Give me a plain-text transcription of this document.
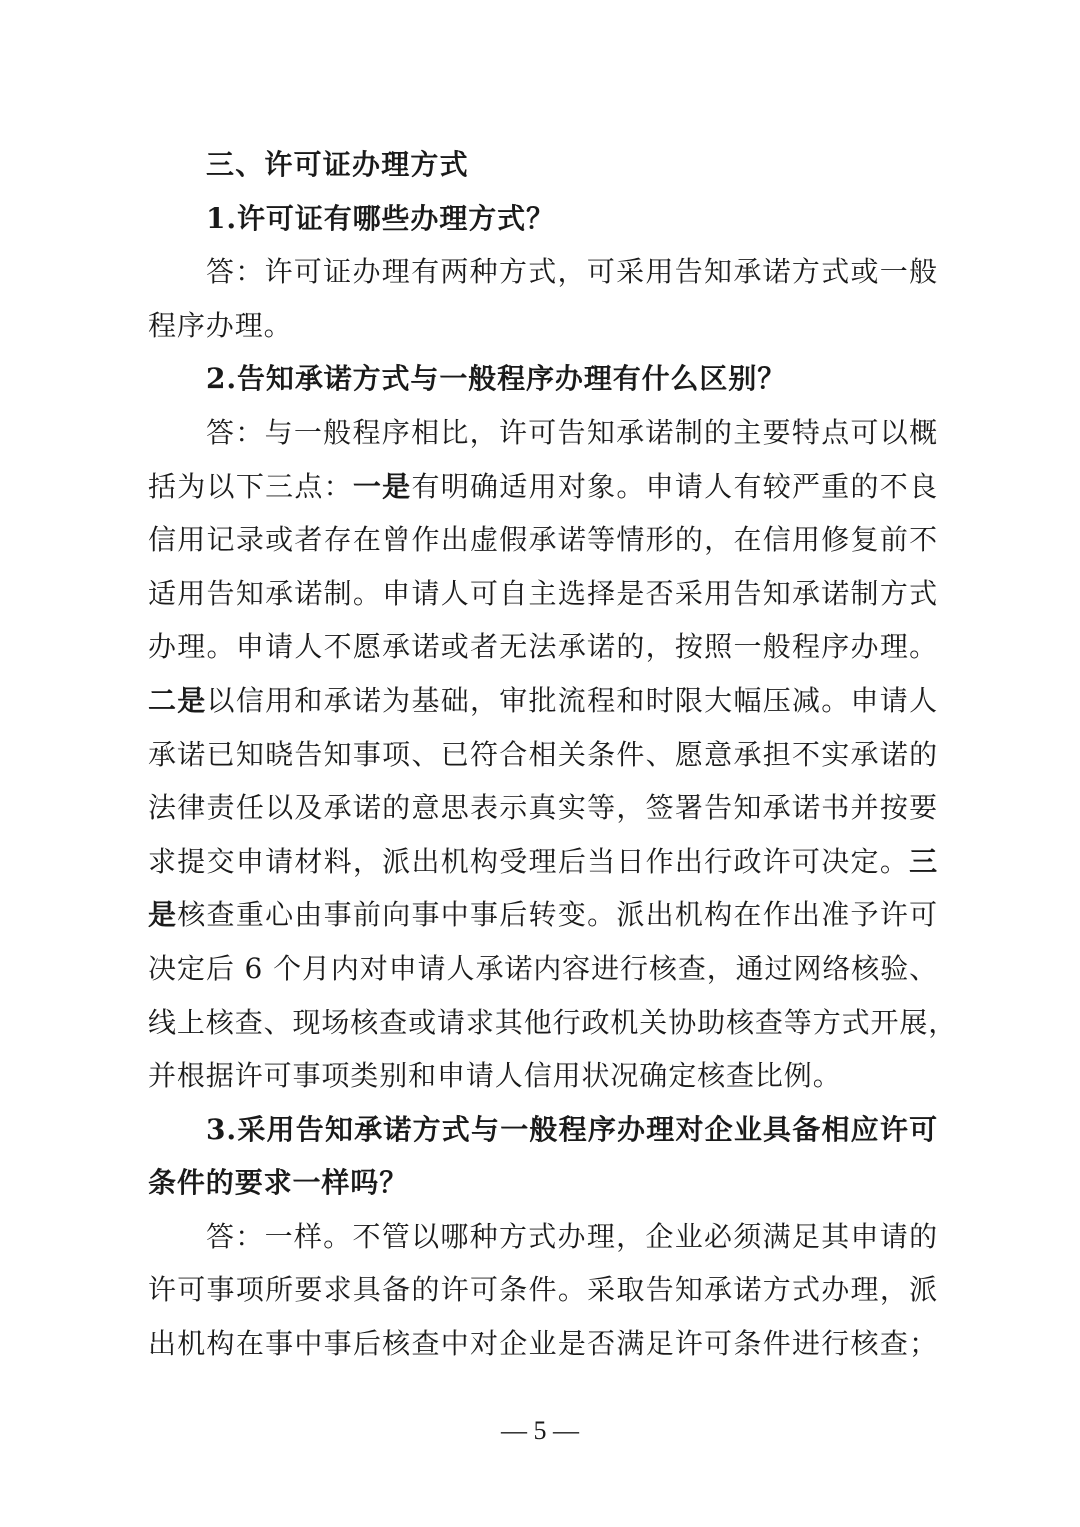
三、许可证办理方式
1.许可证有哪些办理方式？
答：许可证办理有两种方式，可采用告知承诺方式或一般
程序办理。
2.告知承诺方式与一般程序办理有什么区别？
答：与一般程序相比，许可告知承诺制的主要特点可以概
括为以下三点：一是有明确适用对象。申请人有较严重的不良
信用记录或者存在曾作出虚假承诺等情形的，在信用修复前不
适用告知承诺制。申请人可自主选择是否采用告知承诺制方式
办理。申请人不愿承诺或者无法承诺的，按照一般程序办理。
二是以信用和承诺为基础，审批流程和时限大幅压减。申请人
承诺已知晓告知事项、已符合相关条件、愿意承担不实承诺的
法律责任以及承诺的意思表示真实等，签署告知承诺书并按要
求提交申请材料，派出机构受理后当日作出行政许可决定。三
是核查重心由事前向事中事后转变。派出机构在作出准予许可
决定后 6 个月内对申请人承诺内容进行核查，通过网络核验、
线上核查、现场核查或请求其他行政机关协助核查等方式开展，
并根据许可事项类别和申请人信用状况确定核查比例。
3.采用告知承诺方式与一般程序办理对企业具备相应许可
条件的要求一样吗？
答：一样。不管以哪种方式办理，企业必须满足其申请的
许可事项所要求具备的许可条件。采取告知承诺方式办理，派
出机构在事中事后核查中对企业是否满足许可条件进行核查；
— 5 —
